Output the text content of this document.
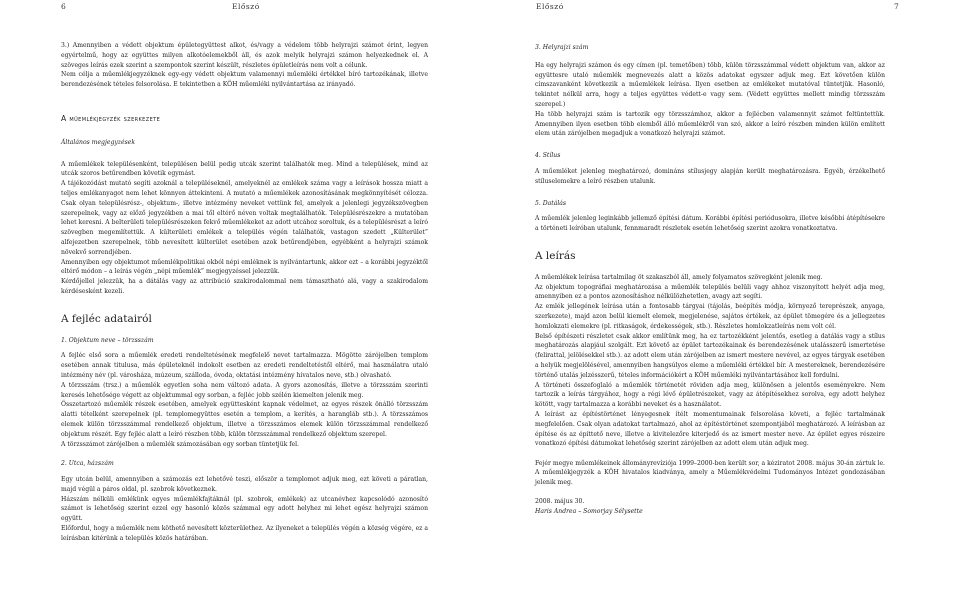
6	Előszó

3.) Amennyiben a védett objektum épületegyüttest alkot, és/vagy a védelem több helyrajzi számot érint, legyen egyértelmű, hogy az együttes milyen alkotóelemekből áll, és azok melyik helyrajzi számon helyezkednek el. A szöveges leírás ezek szerint a szempontok szerint készült, részletes épületleírás nem volt a célunk.

Nem célja a műemlékjegyzéknek egy-egy védett objektum valamennyi műemléki értékkel bíró tartozékának, illetve berendezésének tételes felsorolása. E tekintetben a KÖH műemléki nyilvántartása az irányadó.

A műemlékjegyzék szerkezete
Általános megjegyzések

A műemlékek településenként, településen belül pedig utcák szerint találhatók meg. Mind a települések, mind az utcák szoros betűrendben követik egymást.

A tájékozódást mutató segíti azoknál a településeknél, amelyeknél az emlékek száma vagy a leírások hossza miatt a teljes emlékanyagot nem lehet könnyen áttekinteni. A mutató a műemlékek azonosításának megkönnyítését célozza. Csak olyan településrész-, objektum-, illetve intézmény neveket vettünk fel, amelyek a jelenlegi jegyzékszövegben szerepelnek, vagy az előző jegyzékben a mai től eltérő néven voltak megtalálhatók. Településrészekre a mutatóban lehet keresni. A belterületi településrészeken fekvő műemlékeket az adott utcához soroltuk, és a településrészt a leíró szövegben megemlítettük. A külterületi emlékek a település végén találhatók, vastagon szedett „Külterület” alfejezetben szerepelnek, több nevesített külterület esetében azok betűrendjében, egyébként a helyrajzi számok növekvő sorrendjében.

Amennyiben egy objektumot műemlékpolitikai okból népi emléknek is nyilvántartunk, akkor ezt – a korábbi jegyzéktől eltérő módon – a leírás végén „népi műemlék” megjegyzéssel jelezzük.

Kérdőjellel jelezzük, ha a dátálás vagy az attribúció szakirodalommal nem támasztható alá, vagy a szakirodalom kérdésesként kezeli.

A fejléc adatairól
1. Objektum neve – törzsszám

A fejléc első sora a műemlék eredeti rendeltetésének megfelelő nevet tartalmazza. Mögötte zárójelben templom esetében annak titulusa, más épületeknél indokolt esetben az eredeti rendeltetéstől eltérő, mai használatra utaló intézmény név (pl. városháza, múzeum, szálloda, óvoda, oktatási intézmény hivatalos neve, stb.) olvasható.

A törzsszám (trsz.) a műemlék egyetlen soha nem változó adata. A gyors azonosítás, illetve a törzsszám szerinti keresés lehetősége végett az objektummal egy sorban, a fejléc jobb szélén kiemelten jelenik meg.

Összetartozó műemlék részek esetében, amelyek együttesként kapnak védelmet, az egyes részek önálló törzsszám alatti tételként szerepelnek (pl. templomegyüttes esetén a templom, a kerítés, a harangláb stb.). A törzsszámos elemek külön törzsszámmal rendelkező objektum, illetve a törzsszámos elemek külön törzsszámmal rendelkező objektum részét. Egy fejléc alatt a leíró részben több, külön törzsszámmal rendelkező objektum szerepel.

A törzsszámot zárójelben a műemlék számozásában egy sorban tüntetjük fel.

2. Utca, házszám

Egy utcán belül, amennyiben a számozás ezt lehetővé teszi, először a templomot adjuk meg, ezt követi a páratlan, majd végül a páros oldal, pl. szobrok következnek.

Házszám nélküli emlékünk egyes műemlékfajtáknál (pl. szobrok, emlékek) az utcanévhez kapcsolódó azonosító számot is lehetőség szerint ezzel egy hasonló közös számmal egy adott helyhez mi lehet egész helyrajzi számon együtt.

Előfordul, hogy a műemlék nem köthető nevesített közterülethez. Az ilyeneket a település végén a község végére, ez a leírásban kitérünk a település közös határában.

Előszó	7
3. Helyrajzi szám

Ha egy helyrajzi számon és egy címen (pl. temetőben) több, külön törzsszámmal védett objektum van, akkor az együttesre utaló műemlék megnevezés alatt a közös adatokat egyszer adjuk meg. Ezt követően külön címszavanként következik a műemlékek leírása. Ilyen esetben az emlékeket mutatóval tüntetjük. Hasonló, tekintet nélkül arra, hogy a teljes együttes védett-e vagy sem. (Védett együttes mellett mindig törzsszám szerepel.)

Ha több helyrajzi szám is tartozik egy törzsszámhoz, akkor a fejlécben valamennyit számot feltüntettük. Amennyiben ilyen esetben több elemből álló műemlékről van szó, akkor a leíró részben minden külön említett elem után zárójelben megadjuk a vonatkozó helyrajzi számot.

4. Stílus

A műemléket jelenleg meghatározó, domináns stílusjegy alapján került meghatározásra. Egyéb, érzékelhető stíluselemekre a leíró részben utalunk.

5. Datálás

A műemlék jelenleg leginkább jellemző építési dátum. Korábbi építési periódusokra, illetve későbbi átépítésekre a történeti leíróban utalunk, fennmaradt részletek esetén lehetőség szerint azokra vonatkoztatva.

A leírás

A műemlékek leírása tartalmilag öt szakaszból áll, amely folyamatos szövegként jelenik meg.

Az objektum topográfiai meghatározása a műemlék település belüli vagy ahhoz viszonyított helyét adja meg, amennyiben ez a pontos azonosításhoz nélkülözhetetlen, avagy azt segíti.

Az emlék jellegének leírása után a fontosabb tárgyai (tájolás, beépítés módja, környező tereprészek, anyaga, szerkezete), majd azon belül kiemelt elemek, megjelenése, sajátos értékek, az épület tömegére és a jellegzetes homlokzati elemekre (pl. ritkaságok, érdekességek, stb.). Részletes homlokzatleírás nem volt cél.

Belső építészeti részletet csak akkor említünk meg, ha ez tartozékként jelentős, esetleg a datálás vagy a stílus meghatározás alapjául szolgált. Ezt követő az épület tartozékainak és berendezésének utalásszerű ismertetése (felirattal, jelölésekkel stb.). az adott elem után zárójelben az ismert mestere nevével, az egyes tárgyak esetében a helyük megjelölésével, amennyiben hangsúlyos eleme a műemléki értékkel bír. A mestereknek, berendezésére történő utalás jelzésszerű, tételes információkért a KÖH műemléki nyilvántartásához kell fordulni.

A történeti összefoglaló a műemlék történetét röviden adja meg, különösen a jelentős eseményekre. Nem tartozik a leírás tárgyához, hogy a régi lévő épületrészeket, vagy az átépítésekhez sorolva, egy adott helyhez kötött, vagy tartalmazza a korábbi neveket és a használatot.

A leírást az építéstörténet lényegesnek ítélt momentumainak felsorolása követi, a fejléc tartalmának megfelelően. Csak olyan adatokat tartalmazó, ahol az építéstörténet szempontjából meghatározó. A leírásban az építése és az építtető neve, illetve a kivitelezőre kiterjedő és az ismert mester neve. Az épület egyes részeire vonatkozó építési dátumokat lehetőség szerint zárójelben az adott elem után adjuk meg.

Fejér megye műemlékeinek állományrevíziója 1999–2000-ben került sor, a kéziratot 2008. május 30-án zártuk le. A műemlékjegyzék a KÖH hivatalos kiadványa, amely a Műemlékvédelmi Tudományos Intézet gondozásában jelenik meg.

2008. május 30.

Haris Andrea – Somorjay Sélysette
